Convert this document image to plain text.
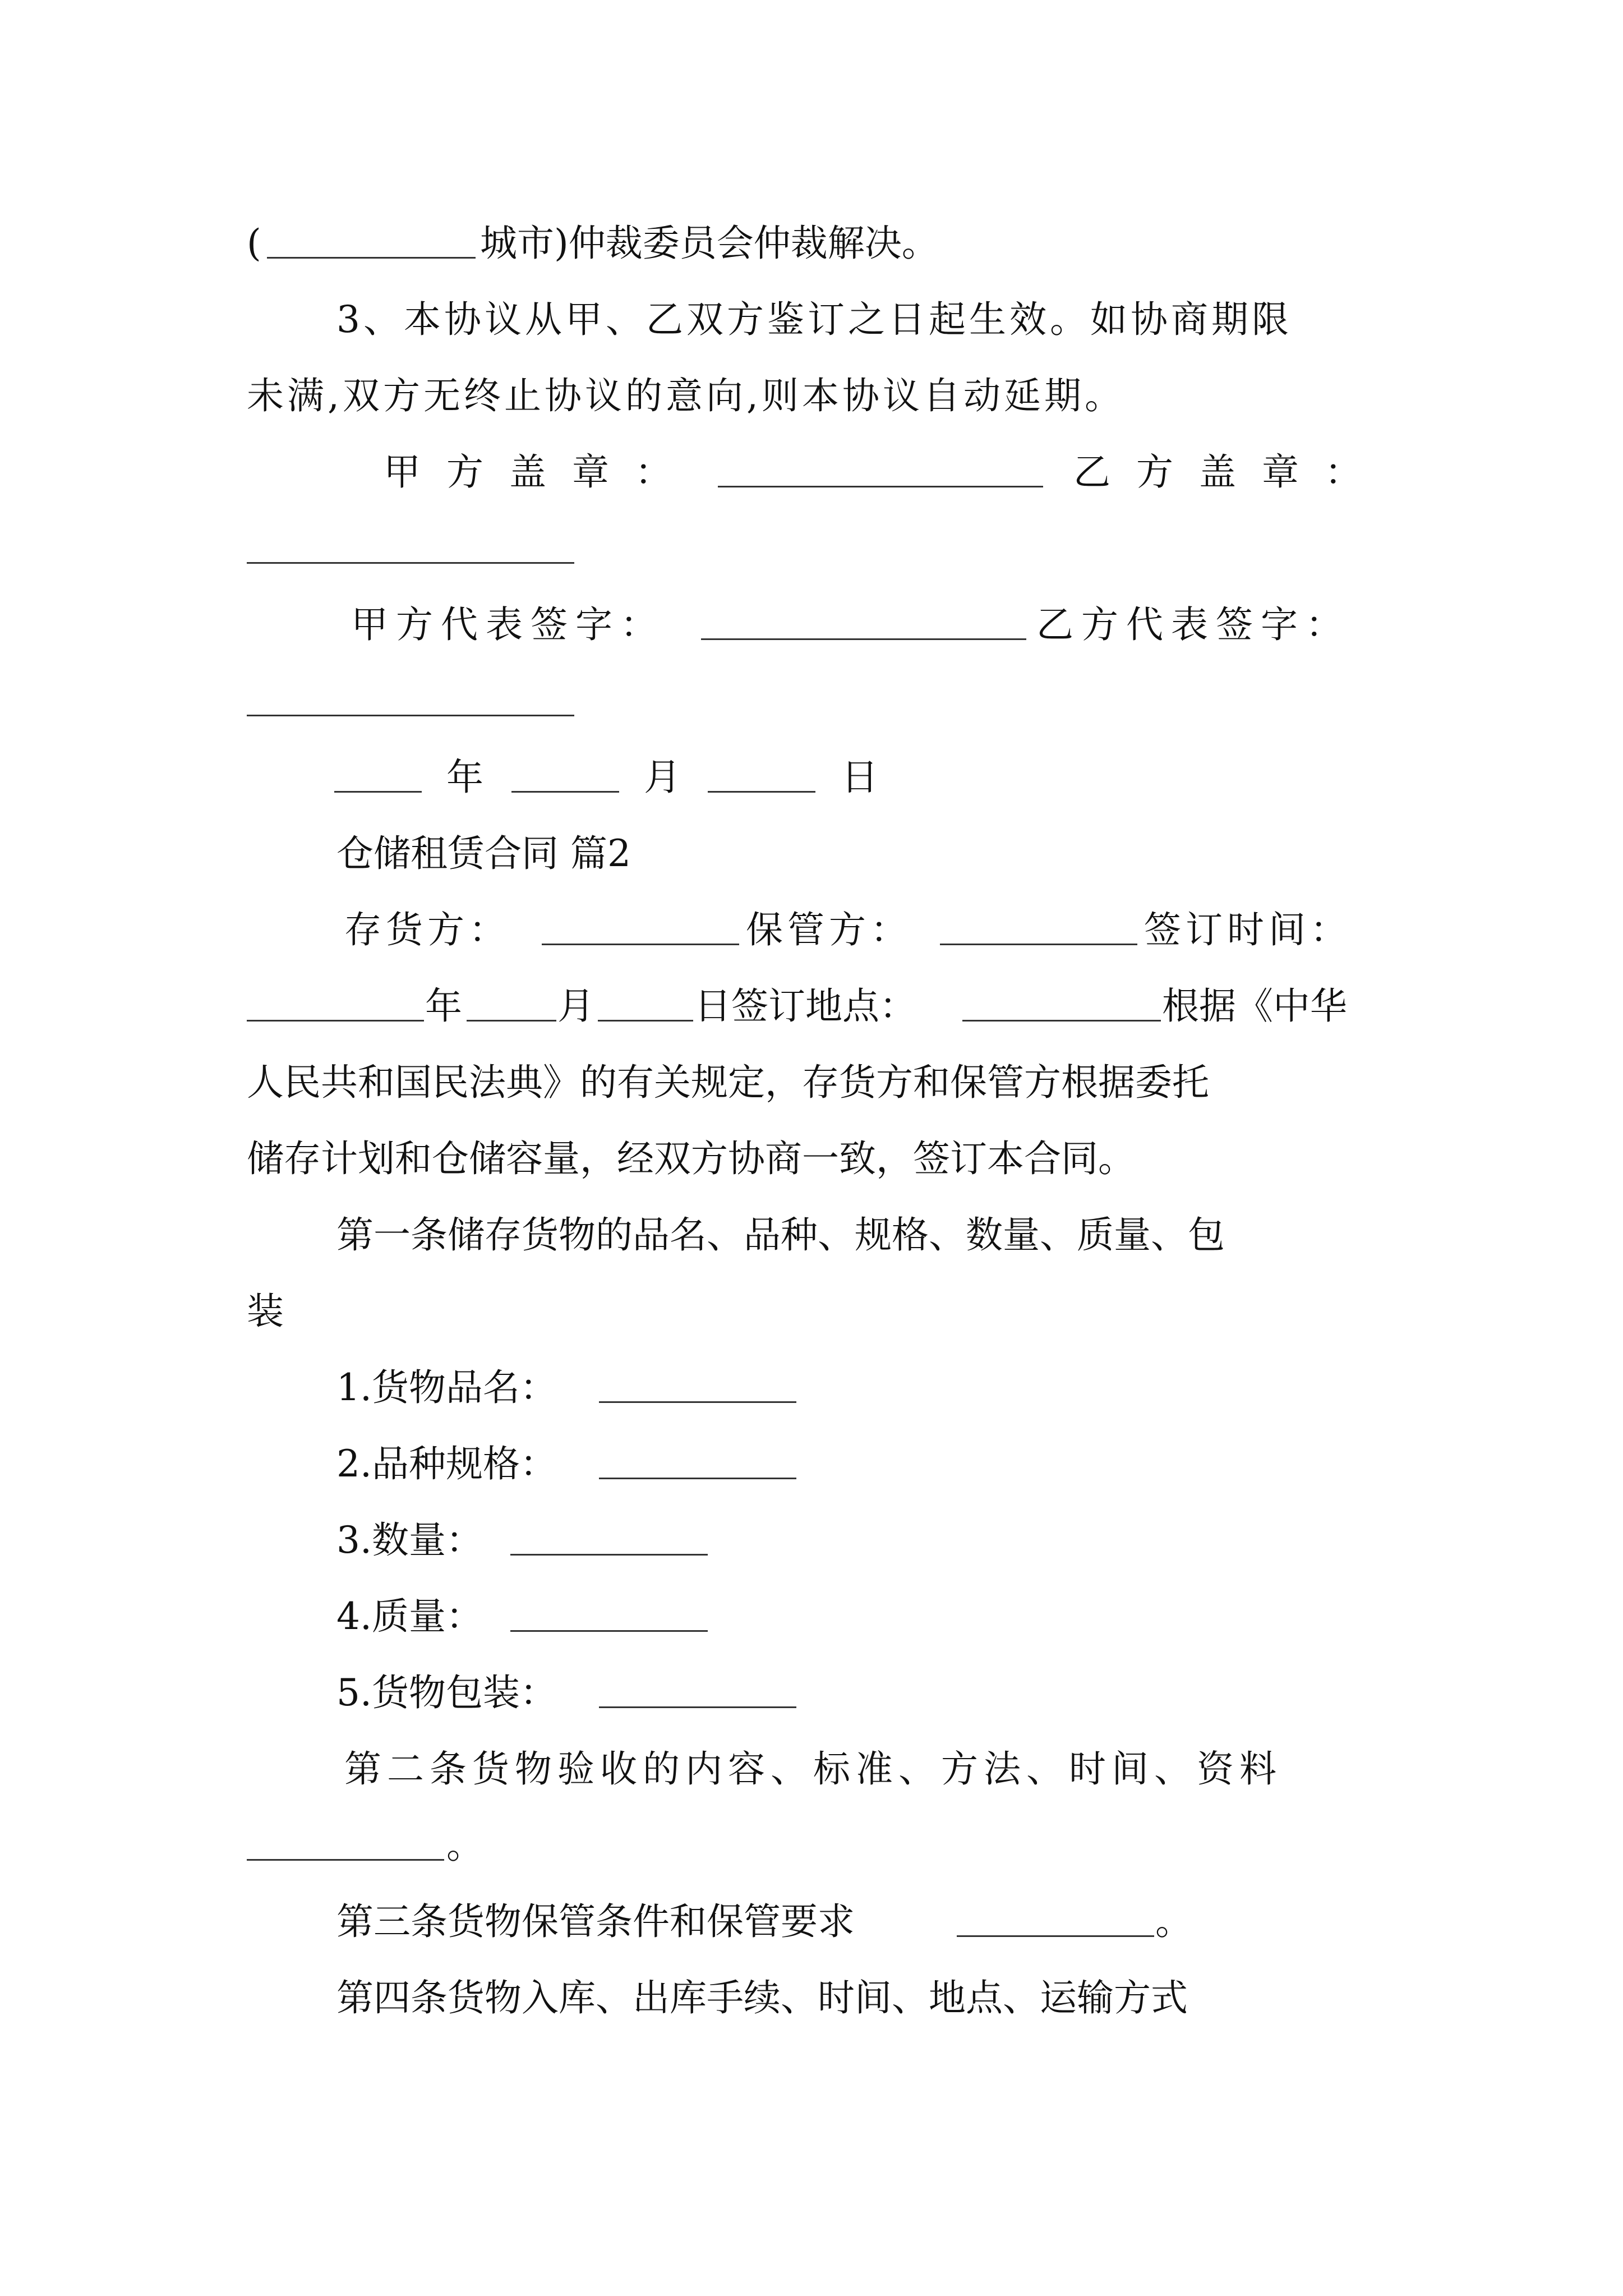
(	城市)仲裁委员会仲裁解决。
3、本协议从甲、乙双方鉴订之日起生效。如协商期限
未满,双方无终止协议的意向,则本协议自动延期。
甲方盖章：	乙方盖章：
甲方代表签字：	乙方代表签字：
年	月	日
仓储租赁合同 篇2
存货方：	保管方：	签订时间：
年	月	日签订地点：	根据《中华
人民共和国民法典》的有关规定，存货方和保管方根据委托
储存计划和仓储容量，经双方协商一致，签订本合同。
第一条储存货物的品名、品种、规格、数量、质量、包
装
1.货物品名：
2.品种规格：
3.数量：
4.质量：
5.货物包装：
第二条货物验收的内容、标准、方法、时间、资料
。
第三条货物保管条件和保管要求	。
第四条货物入库、出库手续、时间、地点、运输方式
